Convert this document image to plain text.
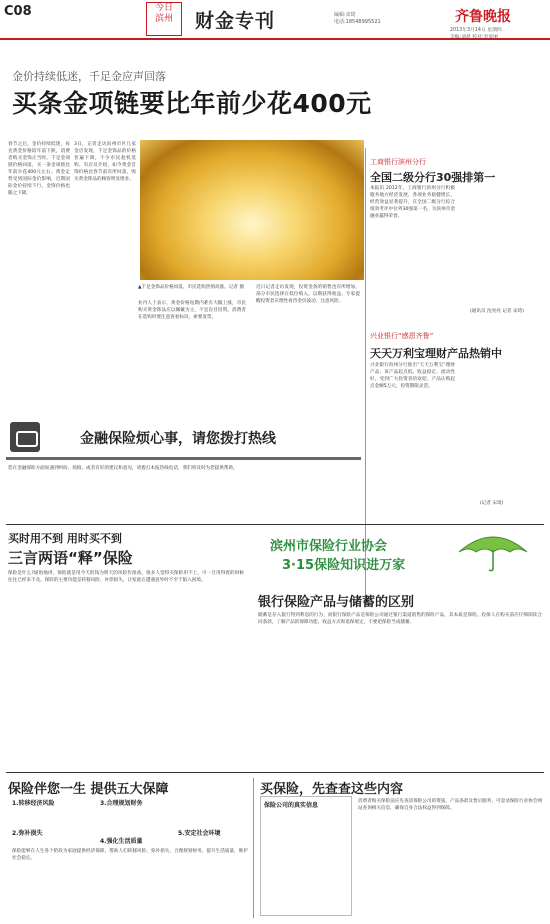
C08	今日
滨州	财金专刊	编辑:宋琦
电话:18548995521	齐鲁晚报
2013年3月14日 星期四
美编:刘晨 校对:李爱丽
金价持续低迷，千足金应声回落
买条金项链要比年前少花400元
春节之后，金价持续低迷，每克黄金价格较年前下跌，消费者购买金饰正当时。千足金项链价格回落，买一条金项链比年前少花400元左右。黄金走势受到国际金价影响，近期国际金价持续下行，金饰价格也随之下降。
3日，记者走访滨州市区几家金店发现，千足金饰品的价格普遍下调，不少市民趁机选购。有店员介绍，如今黄金首饰价格比春节前有所回落，购买黄金饰品的顾客明显增多。
▲千足金饰品价格回落，市民选购热情高涨。记者 摄
业内人士表示，黄金价格短期内难有大幅上涨，市民购买黄金饰品应以佩戴为主，不宜盲目投资。消费者在选购时要注意查看标识，索要发票。
近日记者走访发现，投资金条的销售也有所增加，部分市民选择在低位购入，以期获得收益。专家提醒投资者应理性看待金价波动，注意风险。
工商银行滨州分行
全国二级分行30强排第一
本报讯 2012年，工商银行滨州分行积极服务地方经济发展，各项业务稳健增长，经营效益显著提升，在全国二级分行综合绩效考评中位列30强第一名，为滨州市金融业赢得荣誉。
(通讯员 沈亮亮 记者 宋琦)
兴业银行“感恩齐鲁”
天天万利宝理财产品热销中
兴业银行滨州分行推出“天天万利宝”理财产品，该产品起点低、收益稳定、流动性好，受到广大投资者的欢迎。产品认购起点金额5万元，投资期限灵活。
(记者 宋琦)
金融保险烦心事，请您拨打热线
您在金融保险方面如遇到纠纷、烦恼，或者有好的建议和意见，请拨打本报热线电话，我们将及时为您提供帮助。
买时用不到 用时买不到
三言两语“释”保险
保险是什么?通俗地讲，保险就是用今天的钱为明天的风险作准备。很多人觉得买保险用不上，可一旦用得着的时候往往已经来不及。保险的主要功能是转移风险、补偿损失，让家庭在遭遇意外时不至于陷入困境。
滨州市保险行业协会
3·15保险知识进万家
银行保险产品与储蓄的区别
储蓄是存入银行得到利息的行为，而银行保险产品是保险公司通过银行渠道销售的保险产品，其本质是保险。投保人在购买前应仔细阅读合同条款，了解产品的保障功能、收益方式和退保规定，不要把保险当成储蓄。
保险伴您一生 提供五大保障
1.转移经济风险
2.弥补损失
3.合理规划财务
4.强化生活质量
5.安定社会环境
保险能够在人生各个阶段为家庭提供经济保障，帮助人们转移风险、弥补损失，合理规划财务，提升生活质量，维护社会稳定。
买保险，先查查这些内容
保险公司的真实信息
消费者购买保险前应先查清保险公司的资质、产品条款及售后服务，可登录保险行业协会网站查询相关信息，确保自身合法权益得到保障。
